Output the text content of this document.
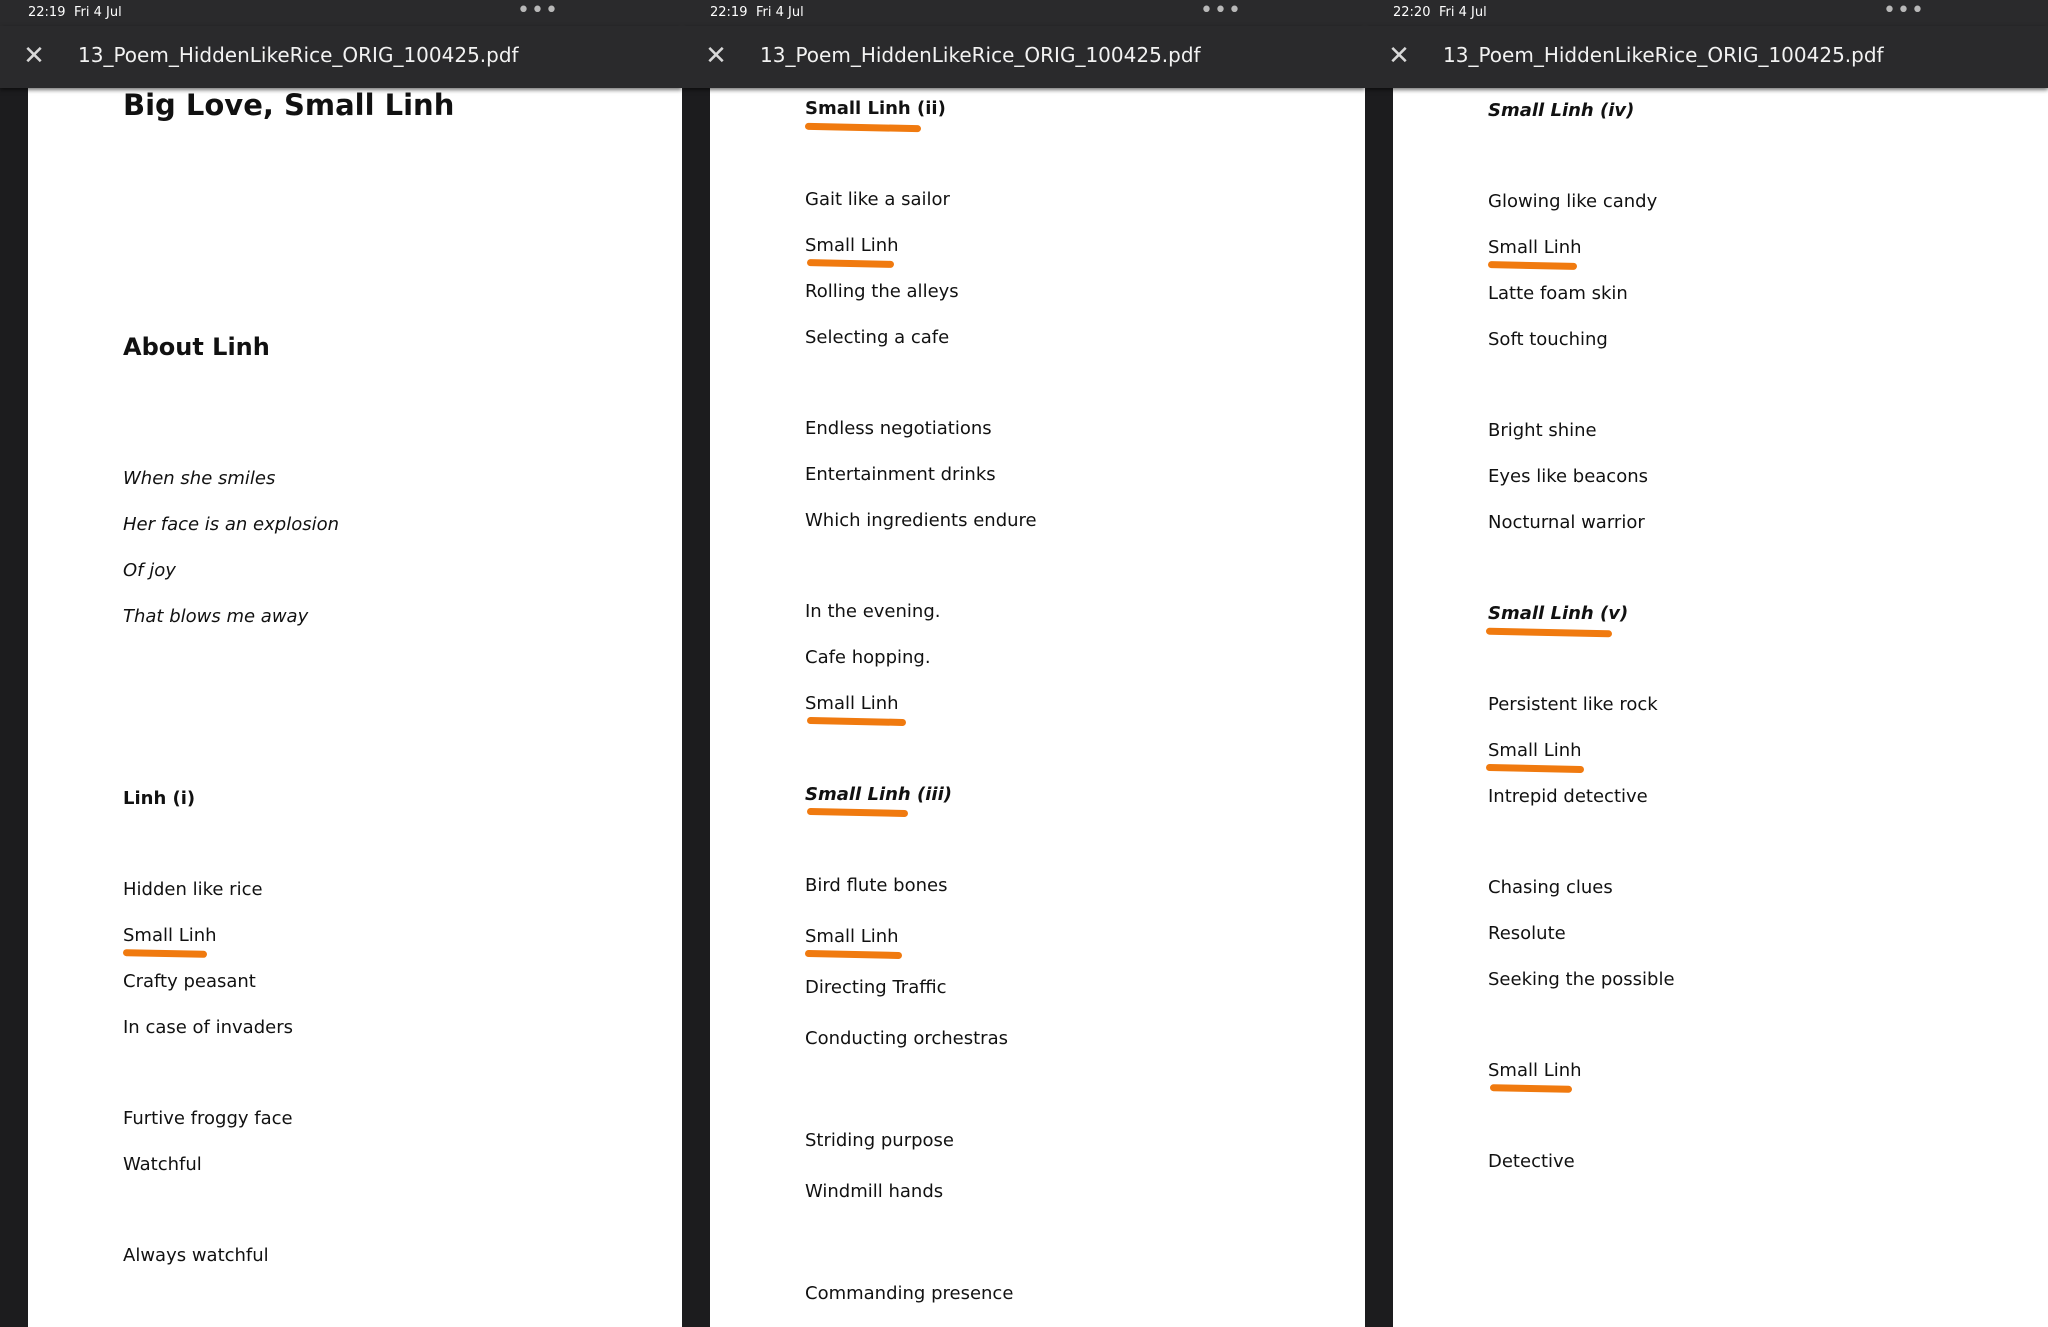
22:19 Fri 4 Jul	•••
✕ 13_Poem_HiddenLikeRice_ORIG_100425.pdf
Big Love, Small Linh
About Linh
When she smiles
Her face is an explosion
Of joy
That blows me away
Linh (i)
Hidden like rice
Small Linh
Crafty peasant
In case of invaders
Furtive froggy face
Watchful
Always watchful
22:19 Fri 4 Jul	•••
✕ 13_Poem_HiddenLikeRice_ORIG_100425.pdf
Small Linh (ii)
Gait like a sailor
Small Linh
Rolling the alleys
Selecting a cafe
Endless negotiations
Entertainment drinks
Which ingredients endure
In the evening.
Cafe hopping.
Small Linh
Small Linh (iii)
Bird flute bones
Small Linh
Directing Traffic
Conducting orchestras
Striding purpose
Windmill hands
Commanding presence
22:20 Fri 4 Jul	•••
✕ 13_Poem_HiddenLikeRice_ORIG_100425.pdf
Small Linh (iv)
Glowing like candy
Small Linh
Latte foam skin
Soft touching
Bright shine
Eyes like beacons
Nocturnal warrior
Small Linh (v)
Persistent like rock
Small Linh
Intrepid detective
Chasing clues
Resolute
Seeking the possible
Small Linh
Detective
